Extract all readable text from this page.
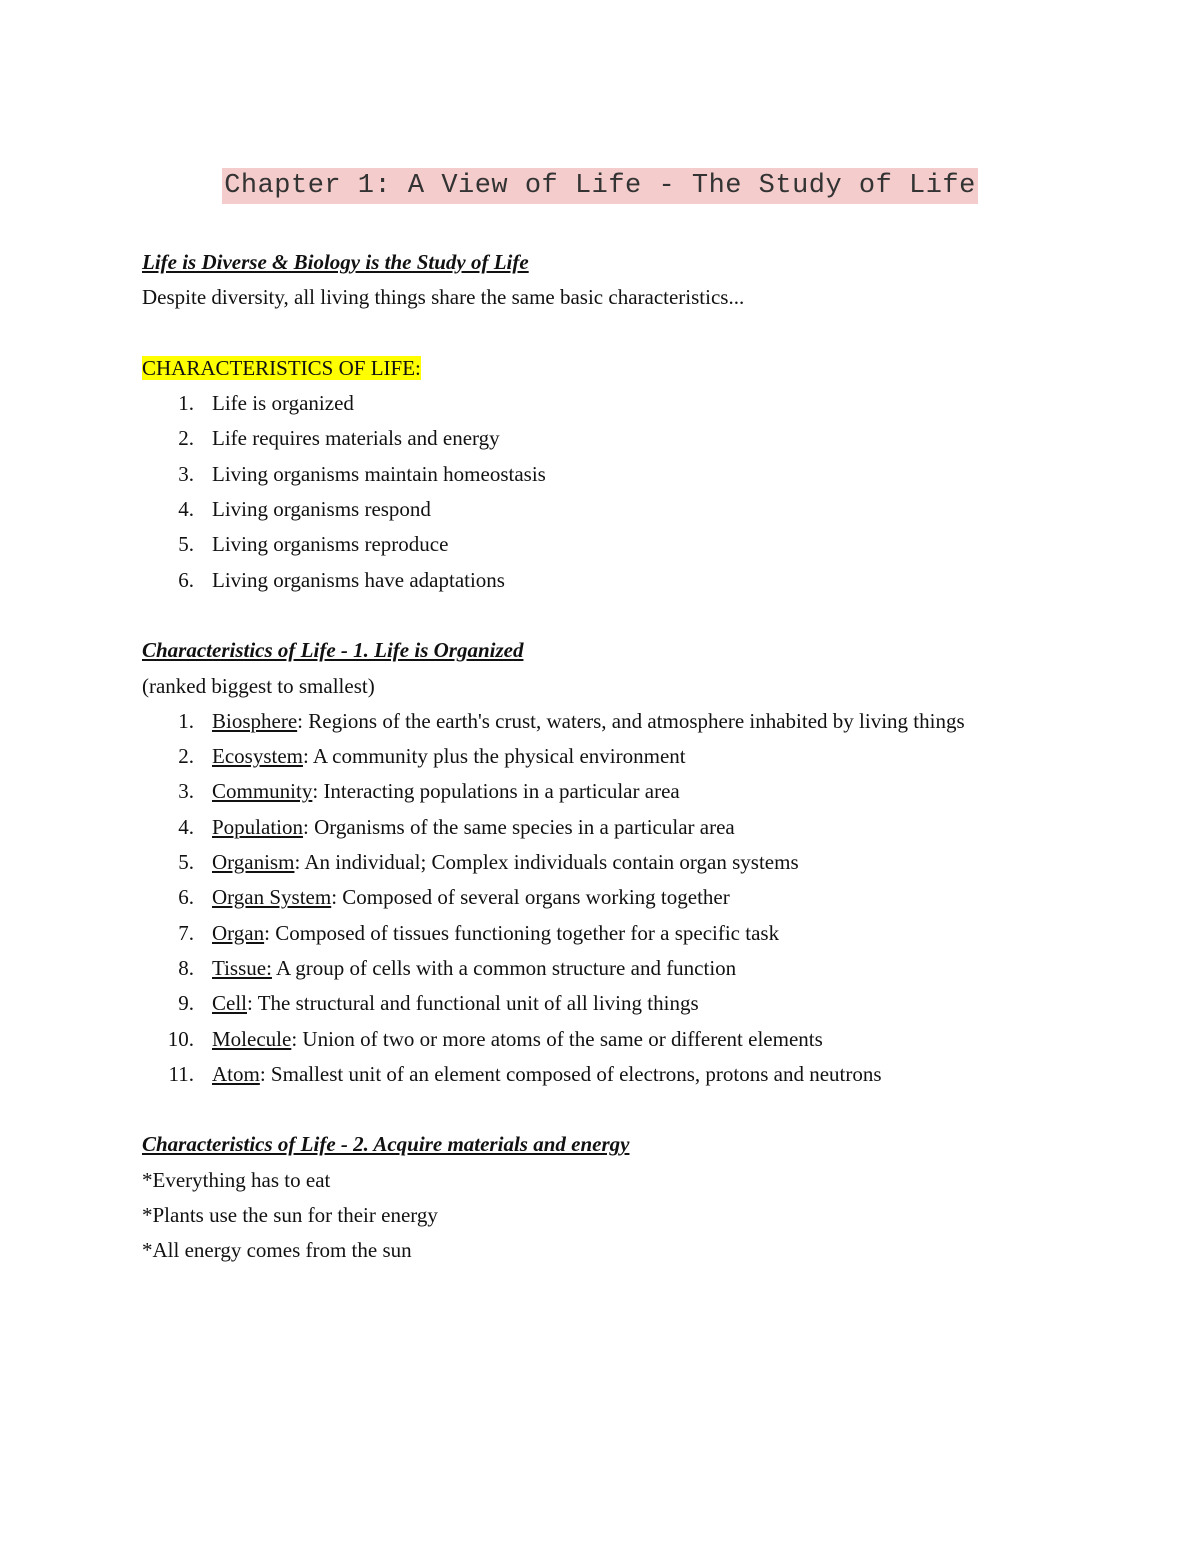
Chapter 1: A View of Life - The Study of Life
Life is Diverse & Biology is the Study of Life
Despite diversity, all living things share the same basic characteristics...
CHARACTERISTICS OF LIFE:
1. Life is organized
2. Life requires materials and energy
3. Living organisms maintain homeostasis
4. Living organisms respond
5. Living organisms reproduce
6. Living organisms have adaptations
Characteristics of Life - 1. Life is Organized
(ranked biggest to smallest)
1. Biosphere: Regions of the earth's crust, waters, and atmosphere inhabited by living things
2. Ecosystem: A community plus the physical environment
3. Community: Interacting populations in a particular area
4. Population: Organisms of the same species in a particular area
5. Organism: An individual; Complex individuals contain organ systems
6. Organ System: Composed of several organs working together
7. Organ: Composed of tissues functioning together for a specific task
8. Tissue: A group of cells with a common structure and function
9. Cell: The structural and functional unit of all living things
10. Molecule: Union of two or more atoms of the same or different elements
11. Atom: Smallest unit of an element composed of electrons, protons and neutrons
Characteristics of Life - 2. Acquire materials and energy
*Everything has to eat
*Plants use the sun for their energy
*All energy comes from the sun
